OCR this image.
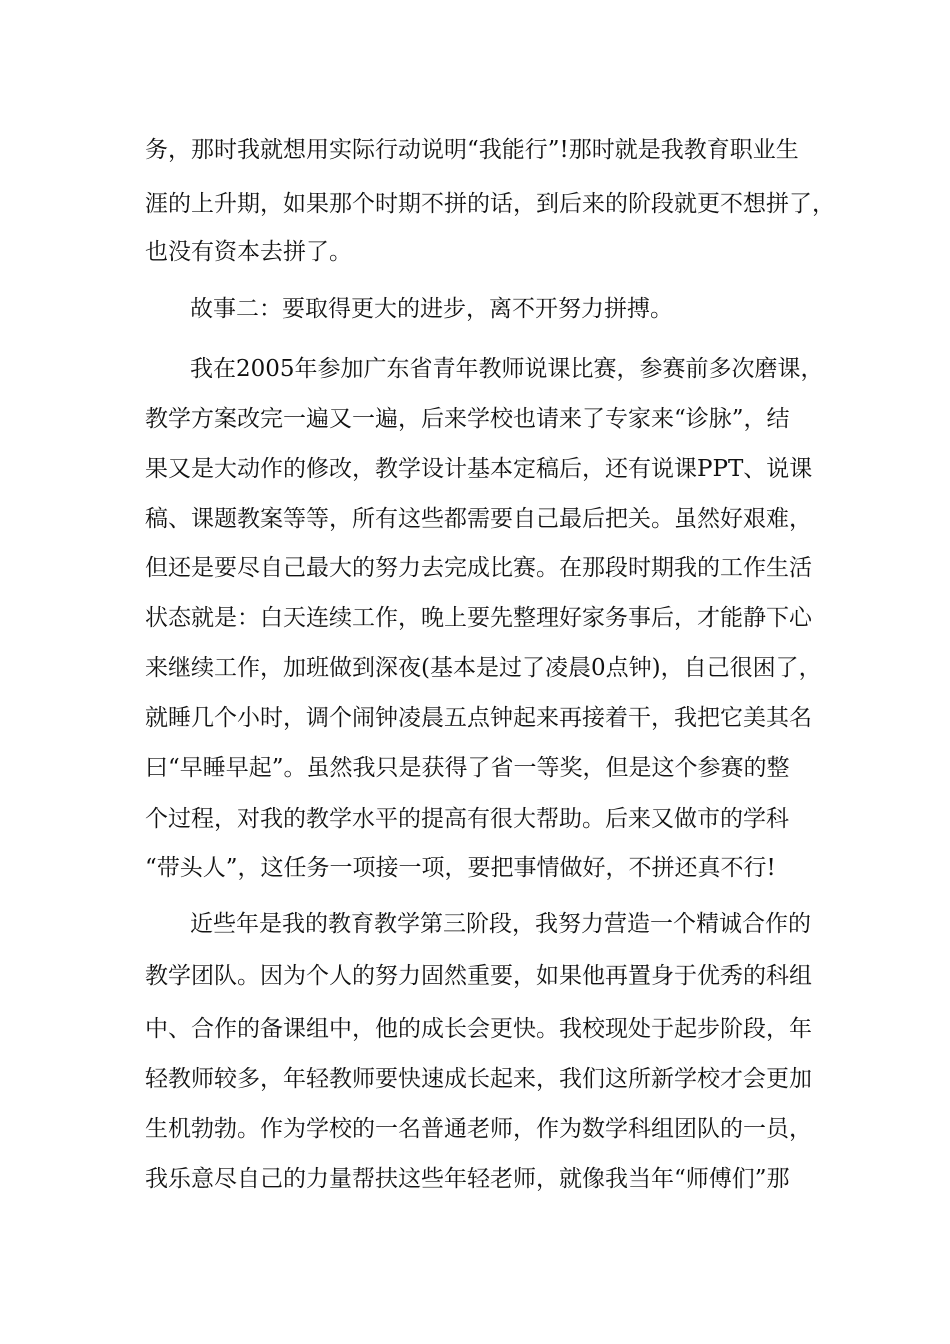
务，那时我就想用实际行动说明“我能行”!那时就是我教育职业生
涯的上升期，如果那个时期不拼的话，到后来的阶段就更不想拼了，
也没有资本去拼了。
故事二：要取得更大的进步，离不开努力拼搏。
我在2005年参加广东省青年教师说课比赛，参赛前多次磨课，
教学方案改完一遍又一遍，后来学校也请来了专家来“诊脉”，结
果又是大动作的修改，教学设计基本定稿后，还有说课PPT、说课
稿、课题教案等等，所有这些都需要自己最后把关。虽然好艰难，
但还是要尽自己最大的努力去完成比赛。在那段时期我的工作生活
状态就是：白天连续工作，晚上要先整理好家务事后，才能静下心
来继续工作，加班做到深夜(基本是过了凌晨0点钟)，自己很困了，
就睡几个小时，调个闹钟凌晨五点钟起来再接着干，我把它美其名
曰“早睡早起”。虽然我只是获得了省一等奖，但是这个参赛的整
个过程，对我的教学水平的提高有很大帮助。后来又做市的学科
“带头人”，这任务一项接一项，要把事情做好，不拼还真不行!
近些年是我的教育教学第三阶段，我努力营造一个精诚合作的
教学团队。因为个人的努力固然重要，如果他再置身于优秀的科组
中、合作的备课组中，他的成长会更快。我校现处于起步阶段，年
轻教师较多，年轻教师要快速成长起来，我们这所新学校才会更加
生机勃勃。作为学校的一名普通老师，作为数学科组团队的一员，
我乐意尽自己的力量帮扶这些年轻老师，就像我当年“师傅们”那
